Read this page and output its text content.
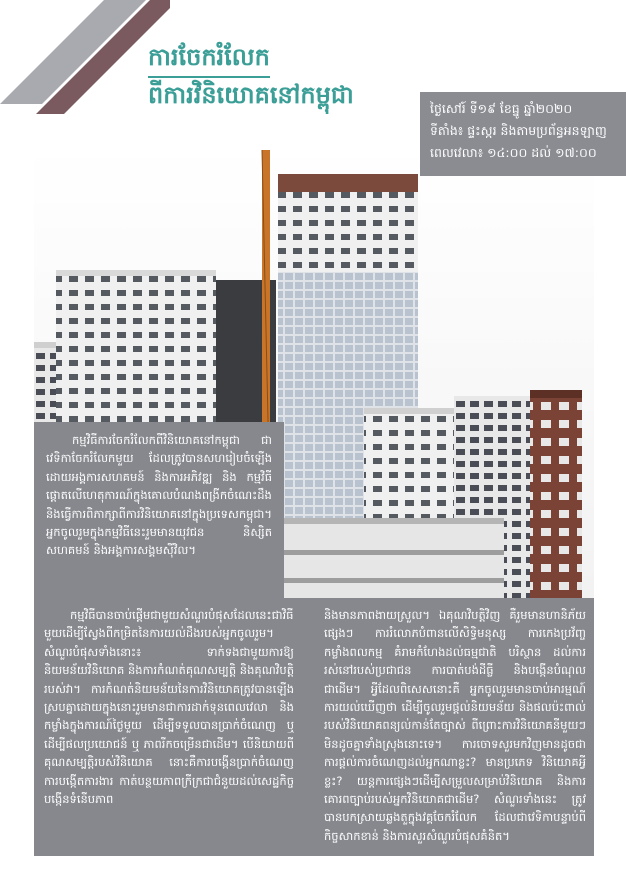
ការចែករំលែក
ពីការវិនិយោគនៅកម្ពុជា	ថ្ងៃសៅរ៍ ទី១៩ ខែធ្នូ ឆ្នាំ២០២០
ទីតាំង៖ ផ្ទះស្ករ និងតាមប្រព័ន្ធអនឡាញ
ពេលវេលា៖ ១៤:០០ ដល់ ១៧:០០

កម្មវិធីការចែករំលែកពីវិនិយោគនៅកម្ពុជា ជាវេទិកាចែករំលែកមួយ ដែលត្រូវបានសហរៀបចំឡើងដោយអង្គការសហគមន៍ និងការអភិវឌ្ឍ និង កម្មវិធីផ្ដោតលើហេតុការណ៍ក្នុងគោលបំណងពង្រីកចំណេះដឹង និងធ្វើការពិភាក្សាពីការវិនិយោគនៅក្នុងប្រទេសកម្ពុជា។ អ្នកចូលរួមក្នុងកម្មវិធីនេះរួមមានយុវជន និស្សិត សហគមន៍ និងអង្គការសង្គមស៊ីវិល។

កម្មវិធីបានចាប់ផ្ដើមជាមួយសំណួរបំផុសដែលនេះជាវិធីមួយដើម្បីស្វែងពីកម្រិតនៃការយល់ដឹងរបស់អ្នកចូលរួម។ សំណួរបំផុសទាំងនោះ៖ ទាក់ទងជាមួយការឱ្យនិយមន័យវិនិយោគ និងការកំណត់គុណសម្បត្តិ និងគុណវិបត្តិរបស់វា។ ការកំណត់និយមន័យនៃការវិនិយោគត្រូវបានឡើងស្របគ្នាដោយក្នុងនោះរួមមានជាការដាក់ទុនពេលវេលា និងកម្លាំងក្នុងការណ៍ថ្ងៃមួយ ដើម្បីទទួលបានប្រាក់ចំណេញ ឬ ដើម្បីផលប្រយោជន៍ ឬ ភាពរីកចម្រើនជាដើម។ បើនិយាយពីគុណសម្បត្តិរបស់វិនិយោគ នោះគឺការបង្កើនប្រាក់ចំណេញ ការបង្កើតការងារ កាត់បន្ថយភាពក្រីក្រជាជំនួយដល់សេដ្ឋកិច្ច បង្កើនទំនើបភាព

និងមានភាពងាយស្រួល។ ឯគុណវិបត្តិវិញ គឺរួមមានហានិភ័យផ្សេងៗ ការរំលោភបំពានលើសិទ្ធិមនុស្ស ការកេងប្រវ័ញ្ចកម្លាំងពលកម្ម គំរាមកំហែងដល់ធម្មជាតិ បរិស្ថាន ដល់ការរស់នៅរបស់ប្រជាជន ការបាត់បង់ដីធ្លី និងបង្កើនបំណុលជាដើម។ អ្វីដែលពិសេសនោះគឺ អ្នកចូលរួមមានចាប់អារម្មណ៍ការយល់ឃើញថា ដើម្បីចូលរួមផ្ដល់និយមន័យ និងផលប៉ះពាល់របស់វិនិយោគពន្យល់កាន់តែច្បាស់ ពីព្រោះការវិនិយោគនីមួយៗ មិនដូចគ្នាទាំងស្រុងនោះទេ។ ការចោទសួរមកវិញមានដូចជា ការផ្ដល់ការចំណេញដល់អ្នកណាខ្លះ? មានប្រភេទ វិនិយោគអ្វីខ្លះ? យន្តការផ្សេងៗដើម្បីសម្រួលសម្រាប់វិនិយោគ និងការគោរពច្បាប់របស់អ្នកវិនិយោគជាដើម? សំណួរទាំងនេះ ត្រូវបានបកស្រាយឆ្លងតួក្នុងវគ្គចែករំលែក ដែលជាវេទិកាបន្ទាប់ពីកិច្ចសាកខាន់ និងការសួរសំណួរបំផុសគំនិត។
